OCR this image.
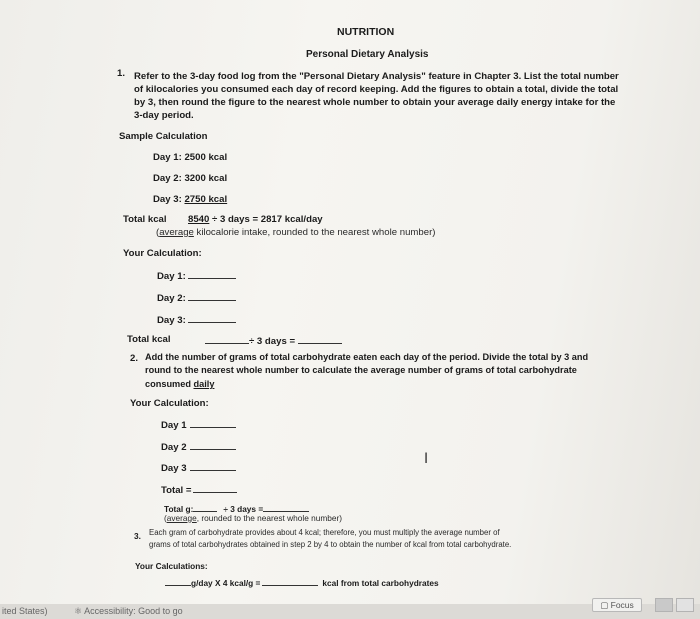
NUTRITION
Personal Dietary Analysis
1. Refer to the 3-day food log from the "Personal Dietary Analysis" feature in Chapter 3. List the total number
of kilocalories you consumed each day of record keeping. Add the figures to obtain a total, divide the total
by 3, then round the figure to the nearest whole number to obtain your average daily energy intake for the
3-day period.
Sample Calculation
Day 1: 2500 kcal
Day 2: 3200 kcal
Day 3: 2750 kcal
Total kcal 8540 ÷ 3 days = 2817 kcal/day
(average kilocalorie intake, rounded to the nearest whole number)
Your Calculation:
Day 1:
Day 2:
Day 3:
Total kcal	÷ 3 days =
2. Add the number of grams of total carbohydrate eaten each day of the period. Divide the total by 3 and
round to the nearest whole number to calculate the average number of grams of total carbohydrate
consumed daily
Your Calculation:
Day 1
Day 2
Day 3
Total =
Total g:	÷ 3 days =
(average, rounded to the nearest whole number)
3. Each gram of carbohydrate provides about 4 kcal; therefore, you must multiply the average number of
grams of total carbohydrates obtained in step 2 by 4 to obtain the number of kcal from total carbohydrate.
Your Calculations:
g/day X 4 kcal/g =	kcal from total carbohydrates
I
ited States)	⚛ Accessibility: Good to go
▢ Focus
